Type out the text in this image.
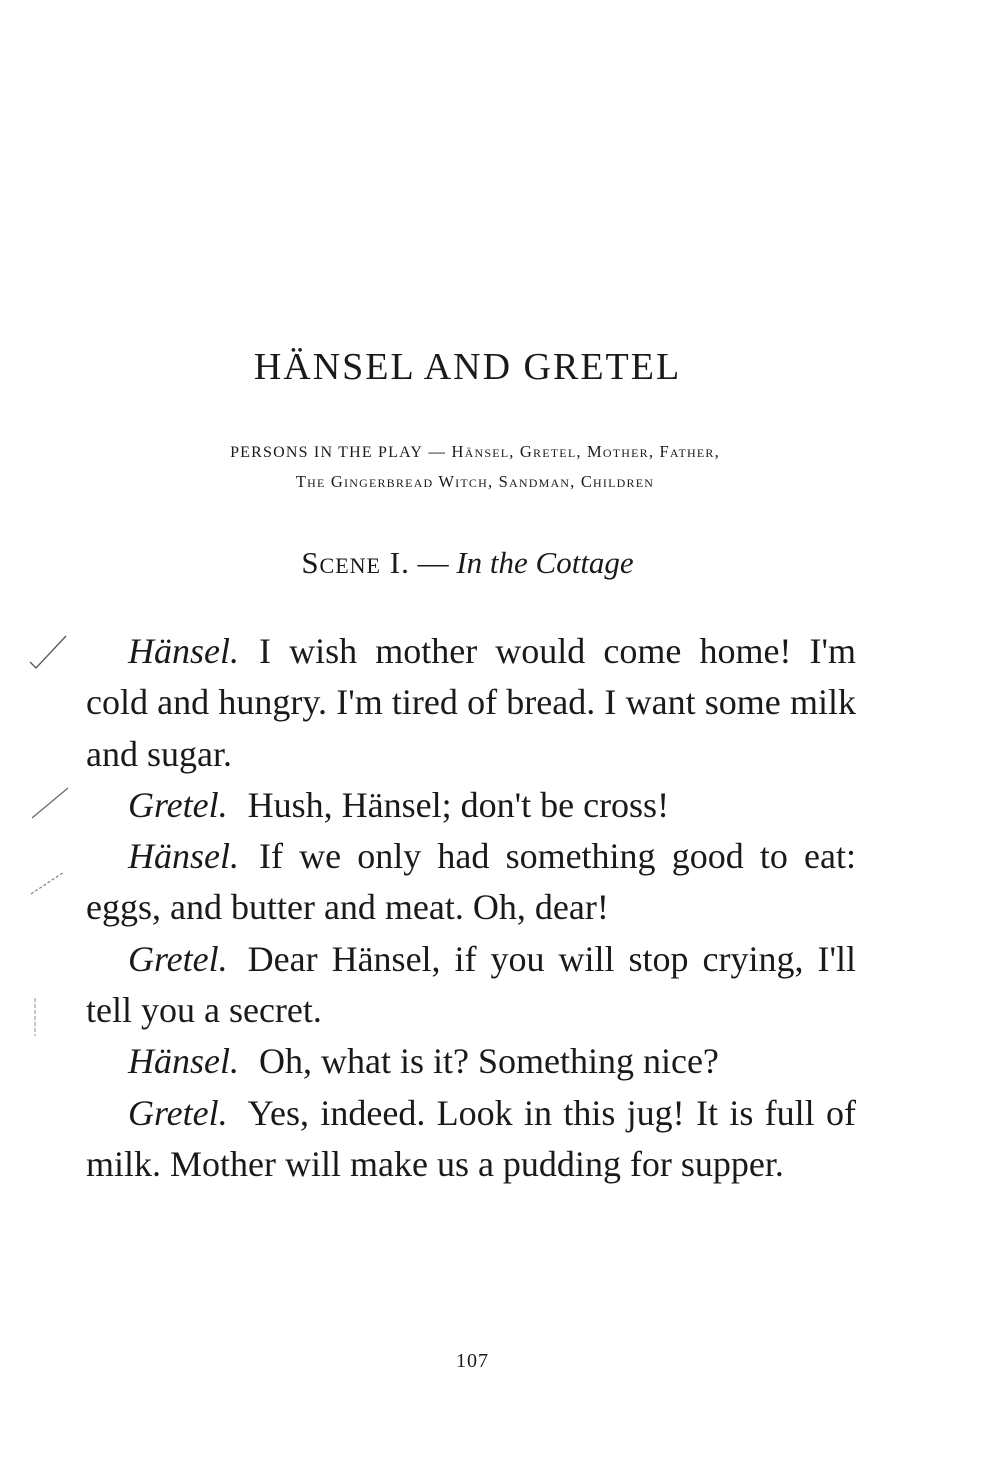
HÄNSEL AND GRETEL
PERSONS IN THE PLAY — Hänsel, Gretel, Mother, Father,
The Gingerbread Witch, Sandman, Children
Scene I. — In the Cottage

Hänsel. I wish mother would come home! I'm cold and hungry. I'm tired of bread. I want some milk and sugar.

Gretel. Hush, Hänsel; don't be cross!

Hänsel. If we only had something good to eat: eggs, and butter and meat. Oh, dear!

Gretel. Dear Hänsel, if you will stop crying, I'll tell you a secret.

Hänsel. Oh, what is it? Something nice?

Gretel. Yes, indeed. Look in this jug! It is full of milk. Mother will make us a pudding for supper.

107
